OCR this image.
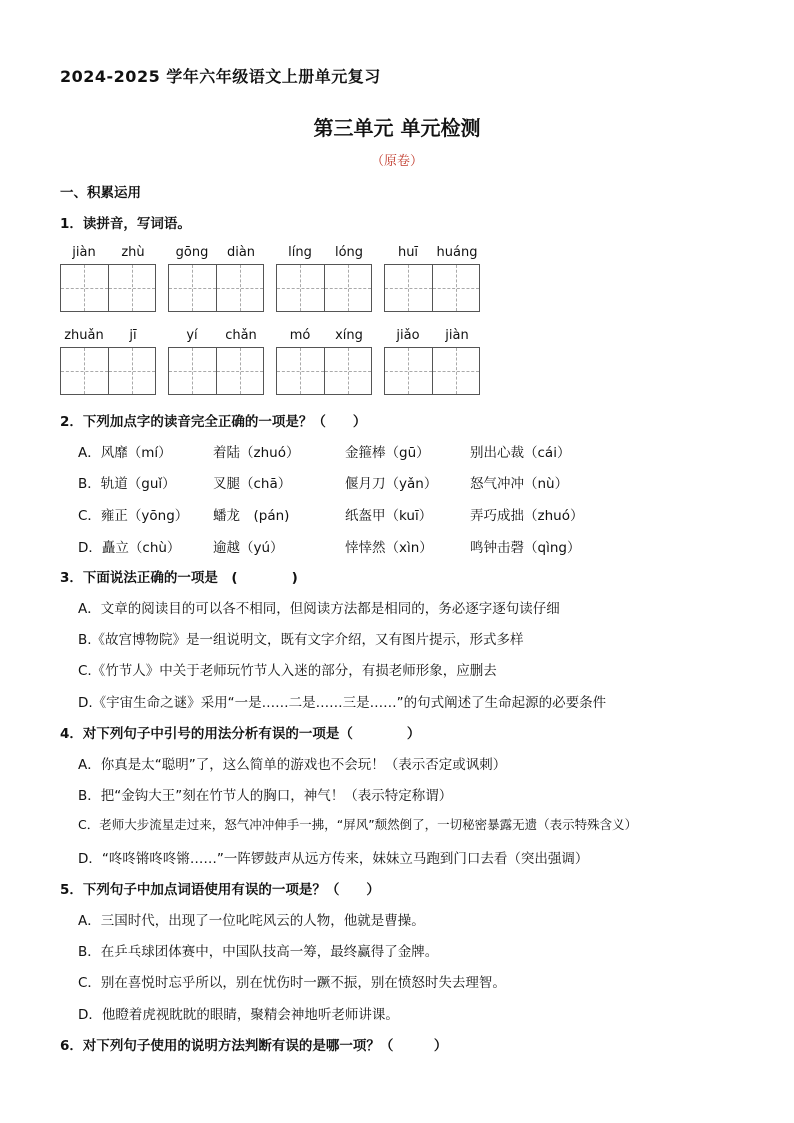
2024-2025 学年六年级语文上册单元复习
第三单元 单元检测
（原卷）
一、积累运用
1．读拼音，写词语。
jiàn	zhù	gōng	diàn	líng	lóng	huī	huáng
zhuǎn	jī	yí	chǎn	mó	xíng	jiǎo	jiàn
2．下列加点字的读音完全正确的一项是？（　　）
A．风靡（mí）	着陆（zhuó）	金箍棒（gū）	别出心裁（cái）
B．轨道（guǐ）	叉腿（chā）	偃月刀（yǎn） 怒气冲冲（nù）
C．雍正（yōng） 蟠龙　(pán)	纸盔甲（kuī）	弄巧成拙（zhuó）
D．矗立（chù） 逾越（yú）	悻悻然（xìn）	鸣钟击磬（qìng）
3．下面说法正确的一项是　(　　　　)
A．文章的阅读目的可以各不相同，但阅读方法都是相同的，务必逐字逐句读仔细
B.《故宫博物院》是一组说明文，既有文字介绍，又有图片提示，形式多样
C.《竹节人》中关于老师玩竹节人入迷的部分，有损老师形象，应删去
D.《宇宙生命之谜》采用“一是……二是……三是……”的句式阐述了生命起源的必要条件
4．对下列句子中引号的用法分析有误的一项是（　　　　）
A．你真是太“聪明”了，这么简单的游戏也不会玩！（表示否定或讽刺）
B．把“金钩大王”刻在竹节人的胸口，神气！（表示特定称谓）
C．老师大步流星走过来，怒气冲冲伸手一拂，“屏风”颓然倒了，一切秘密暴露无遗（表示特殊含义）
D．“咚咚锵咚咚锵……”一阵锣鼓声从远方传来，妹妹立马跑到门口去看（突出强调）
5．下列句子中加点词语使用有误的一项是？（　　）
A．三国时代，出现了一位叱咤风云的人物，他就是曹操。
B．在乒乓球团体赛中，中国队技高一筹，最终赢得了金牌。
C．别在喜悦时忘乎所以，别在忧伤时一蹶不振，别在愤怒时失去理智。
D．他瞪着虎视眈眈的眼睛，聚精会神地听老师讲课。
6．对下列句子使用的说明方法判断有误的是哪一项？（　　　）
